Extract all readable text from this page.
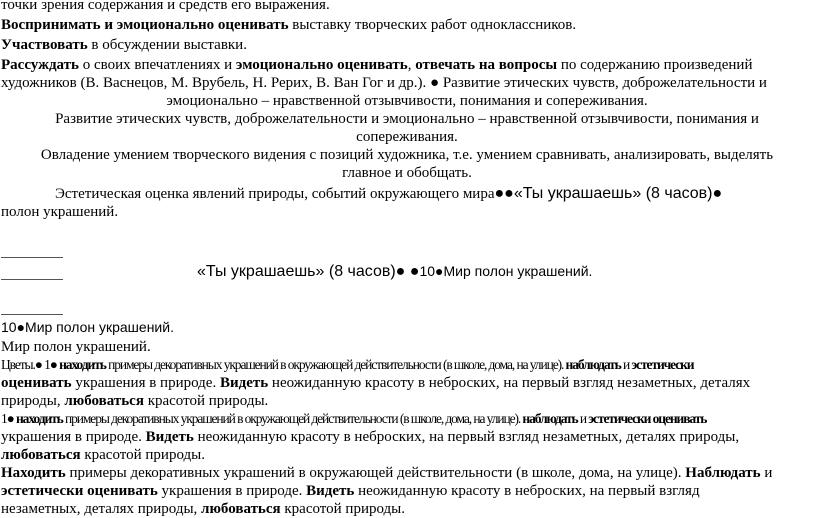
точки зрения содержания и средств его выражения.
Воспринимать и эмоционально оценивать выставку творческих работ одноклассников.
Участвовать в обсуждении выставки.
Рассуждать о своих впечатлениях и эмоционально оценивать, отвечать на вопросы по содержанию произведений
художников (В. Васнецов, М. Врубель, Н. Рерих, В. Ван Гог и др.). ● Развитие этических чувств, доброжелательности и
эмоционально – нравственной отзывчивости, понимания и сопереживания.
Развитие этических чувств, доброжелательности и эмоционально – нравственной отзывчивости, понимания и
сопереживания.
Овладение умением творческого видения с позиций художника, т.е. умением сравнивать, анализировать, выделять
главное и обобщать.
Эстетическая оценка явлений природы, событий окружающего мира●●«Ты украшаешь» (8 часов)●
полон украшений.
«Ты украшаешь» (8 часов)● ●10●Мир полон украшений.
10●Мир полон украшений.
Мир полон украшений.
Цветы.● 1● находить примеры декоративных украшений в окружающей действительности (в школе, дома, на улице). наблюдать и эстетически
оценивать украшения в природе. Видеть неожиданную красоту в неброских, на первый взгляд незаметных, деталях
природы, любоваться красотой природы.
1● находить примеры декоративных украшений в окружающей действительности (в школе, дома, на улице). наблюдать и эстетически оценивать
украшения в природе. Видеть неожиданную красоту в неброских, на первый взгляд незаметных, деталях природы,
любоваться красотой природы.
Находить примеры декоративных украшений в окружающей действительности (в школе, дома, на улице). Наблюдать и
эстетически оценивать украшения в природе. Видеть неожиданную красоту в неброских, на первый взгляд
незаметных, деталях природы, любоваться красотой природы.
